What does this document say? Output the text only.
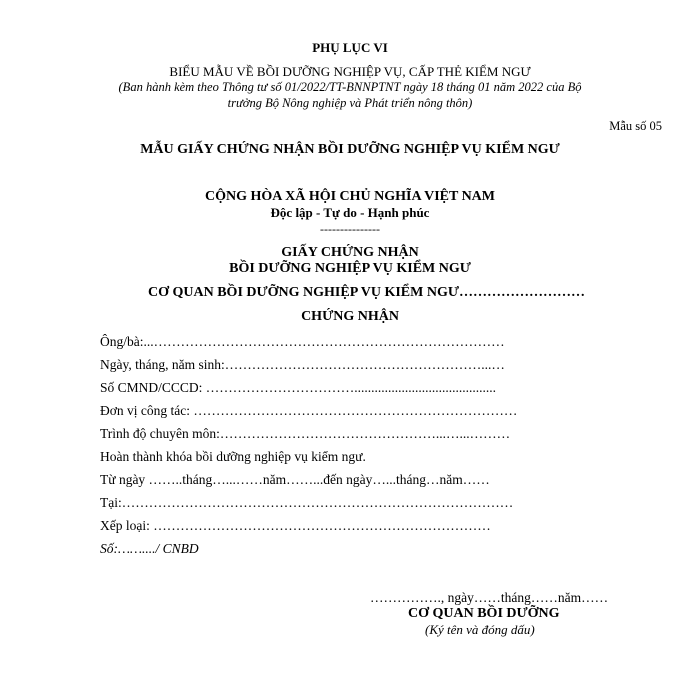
PHỤ LỤC VI
BIỂU MẪU VỀ BỒI DƯỠNG NGHIỆP VỤ, CẤP THẺ KIỂM NGƯ
(Ban hành kèm theo Thông tư số 01/2022/TT-BNNPTNT ngày 18 tháng 01 năm 2022 của Bộ
trưởng Bộ Nông nghiệp và Phát triển nông thôn)
Mẫu số 05
MẪU GIẤY CHỨNG NHẬN BỒI DƯỠNG NGHIỆP VỤ KIỂM NGƯ
CỘNG HÒA XÃ HỘI CHỦ NGHĨA VIỆT NAM
Độc lập - Tự do - Hạnh phúc
---------------
GIẤY CHỨNG NHẬN
BỒI DƯỠNG NGHIỆP VỤ KIỂM NGƯ
CƠ QUAN BỒI DƯỠNG NGHIỆP VỤ KIỂM NGƯ………………………
CHỨNG NHẬN
Ông/bà:...……………………………………………………………………
Ngày, tháng, năm sinh:…………………………………………………...…
Số CMND/CCCD: ……………………………..........................................
Đơn vị công tác: ………………………………………………………………
Trình độ chuyên môn:…………………………………………...…...………
Hoàn thành khóa bồi dưỡng nghiệp vụ kiểm ngư.
Từ ngày ……..tháng…...……năm……...đến ngày…...tháng…năm……
Tại:……………………………………………………………………………
Xếp loại: …………………………………………………………………
Số:……..../ CNBD
……………., ngày……tháng……năm……
CƠ QUAN BỒI DƯỠNG
(Ký tên và đóng dấu)
